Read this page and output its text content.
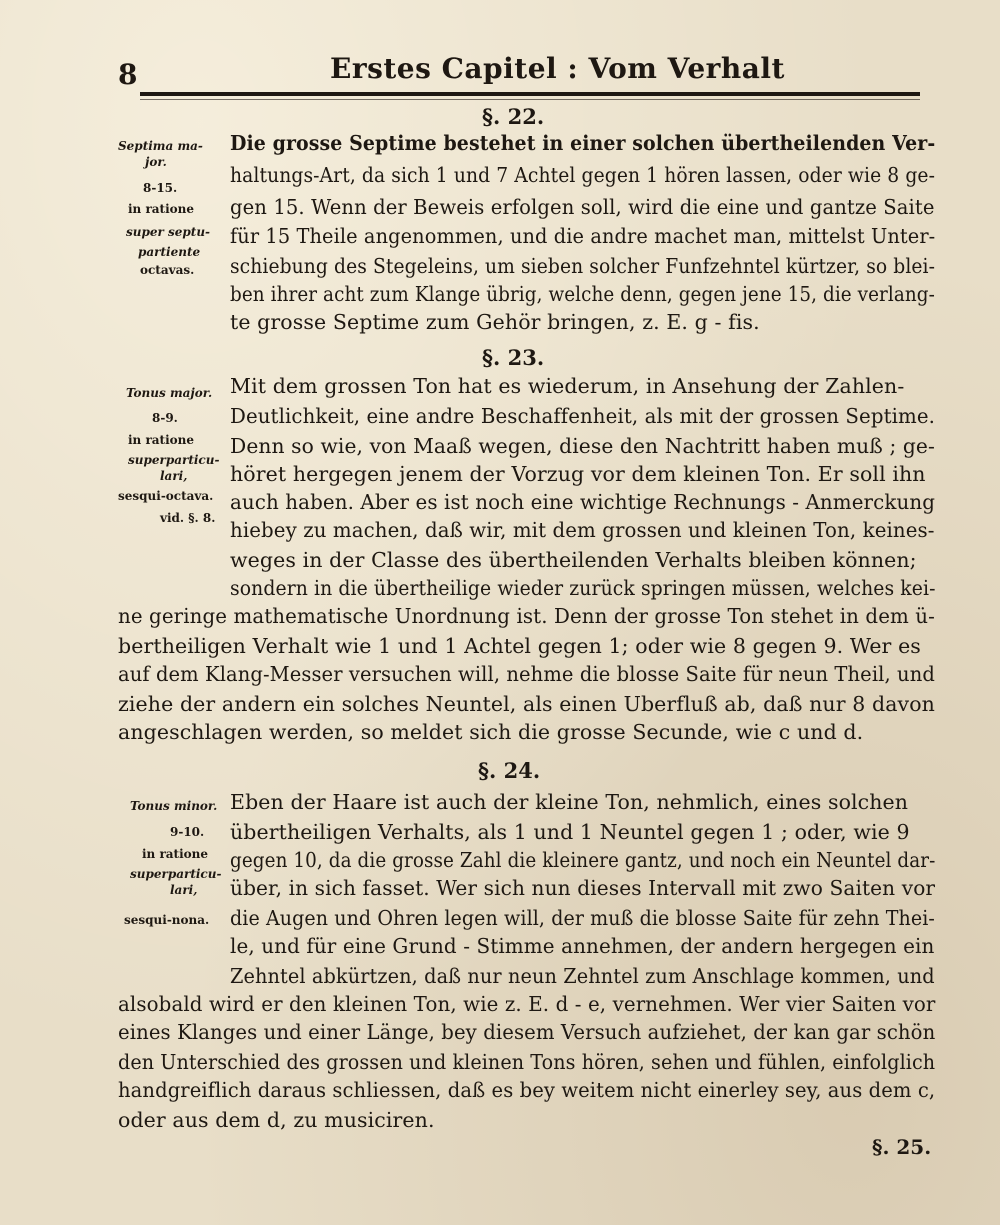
8	Erstes Capitel : Vom Verhalt
§. 22.
Septima ma-
jor.
8-15.
in ratione
super septu-
partiente
octavas.
Die grosse Septime bestehet in einer solchen übertheilenden Ver-
haltungs-Art, da sich 1 und 7 Achtel gegen 1 hören lassen, oder wie 8 ge-
gen 15. Wenn der Beweis erfolgen soll, wird die eine und gantze Saite
für 15 Theile angenommen, und die andre machet man, mittelst Unter-
schiebung des Stegeleins, um sieben solcher Funfzehntel kürtzer, so blei-
ben ihrer acht zum Klange übrig, welche denn, gegen jene 15, die verlang-
te grosse Septime zum Gehör bringen, z. E. g - fis.
§. 23.
Tonus major.
8-9.
in ratione
superparticu-
lari,
sesqui-octava.
vid. §. 8.
Mit dem grossen Ton hat es wiederum, in Ansehung der Zahlen-
Deutlichkeit, eine andre Beschaffenheit, als mit der grossen Septime.
Denn so wie, von Maaß wegen, diese den Nachtritt haben muß ; ge-
höret hergegen jenem der Vorzug vor dem kleinen Ton. Er soll ihn
auch haben. Aber es ist noch eine wichtige Rechnungs - Anmerckung
hiebey zu machen, daß wir, mit dem grossen und kleinen Ton, keines-
weges in der Classe des übertheilenden Verhalts bleiben können;
sondern in die übertheilige wieder zurück springen müssen, welches kei-
ne geringe mathematische Unordnung ist. Denn der grosse Ton stehet in dem ü-
bertheiligen Verhalt wie 1 und 1 Achtel gegen 1; oder wie 8 gegen 9. Wer es
auf dem Klang-Messer versuchen will, nehme die blosse Saite für neun Theil, und
ziehe der andern ein solches Neuntel, als einen Uberfluß ab, daß nur 8 davon
angeschlagen werden, so meldet sich die grosse Secunde, wie c und d.
§. 24.
Tonus minor.
9-10.
in ratione
superparticu-
lari,
sesqui-nona.
Eben der Haare ist auch der kleine Ton, nehmlich, eines solchen
übertheiligen Verhalts, als 1 und 1 Neuntel gegen 1 ; oder, wie 9
gegen 10, da die grosse Zahl die kleinere gantz, und noch ein Neuntel dar-
über, in sich fasset. Wer sich nun dieses Intervall mit zwo Saiten vor
die Augen und Ohren legen will, der muß die blosse Saite für zehn Thei-
le, und für eine Grund - Stimme annehmen, der andern hergegen ein
Zehntel abkürtzen, daß nur neun Zehntel zum Anschlage kommen, und
alsobald wird er den kleinen Ton, wie z. E. d - e, vernehmen. Wer vier Saiten vor
eines Klanges und einer Länge, bey diesem Versuch aufziehet, der kan gar schön
den Unterschied des grossen und kleinen Tons hören, sehen und fühlen, einfolglich
handgreiflich daraus schliessen, daß es bey weitem nicht einerley sey, aus dem c,
oder aus dem d, zu musiciren.
§. 25.
